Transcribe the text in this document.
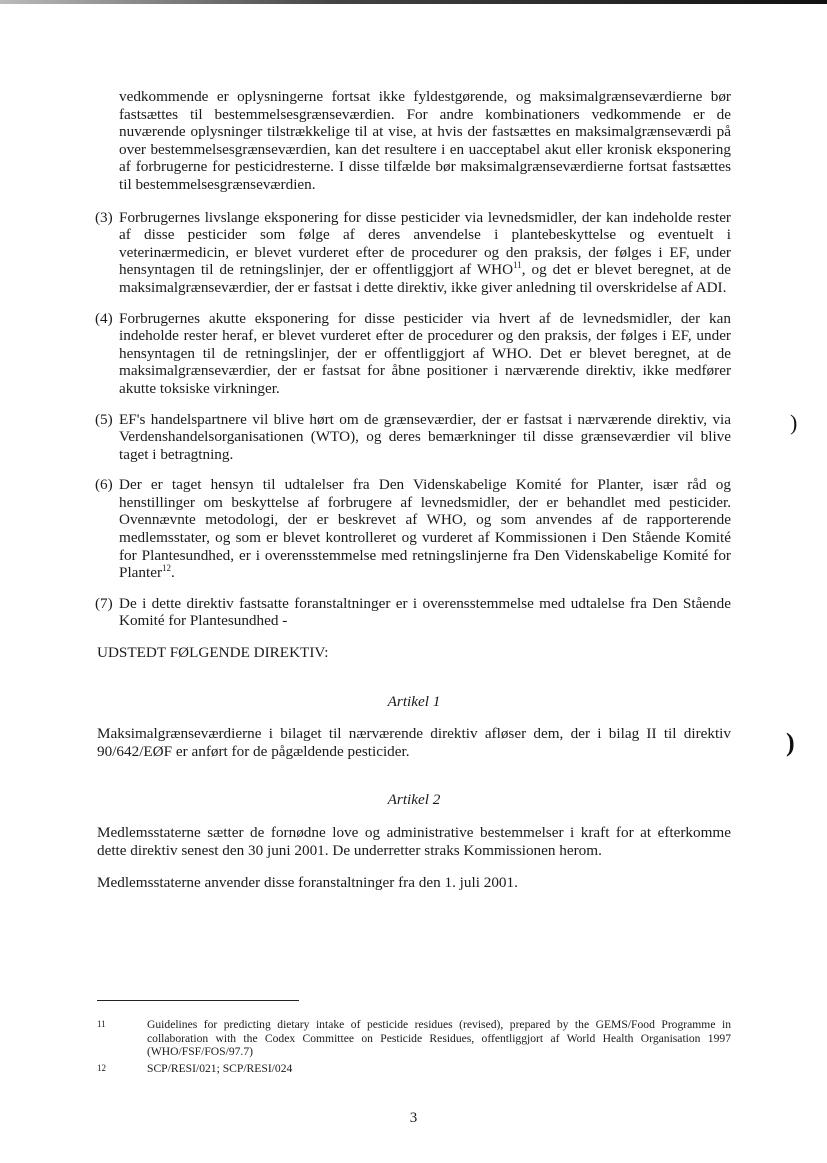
vedkommende er oplysningerne fortsat ikke fyldestgørende, og maksimalgrænseværdierne bør fastsættes til bestemmelsesgrænseværdien. For andre kombinationers vedkommende er de nuværende oplysninger tilstrækkelige til at vise, at hvis der fastsættes en maksimalgrænseværdi på over bestemmelsesgrænseværdien, kan det resultere i en uacceptabel akut eller kronisk eksponering af forbrugerne for pesticidresterne. I disse tilfælde bør maksimalgrænseværdierne fortsat fastsættes til bestemmelsesgrænseværdien.

(3) Forbrugernes livslange eksponering for disse pesticider via levnedsmidler, der kan indeholde rester af disse pesticider som følge af deres anvendelse i plantebeskyttelse og eventuelt i veterinærmedicin, er blevet vurderet efter de procedurer og den praksis, der følges i EF, under hensyntagen til de retningslinjer, der er offentliggjort af WHO$^{11}$, og det er blevet beregnet, at de maksimalgrænseværdier, der er fastsat i dette direktiv, ikke giver anledning til overskridelse af ADI.
(4) Forbrugernes akutte eksponering for disse pesticider via hvert af de levnedsmidler, der kan indeholde rester heraf, er blevet vurderet efter de procedurer og den praksis, der følges i EF, under hensyntagen til de retningslinjer, der er offentliggjort af WHO. Det er blevet beregnet, at de maksimalgrænseværdier, der er fastsat for åbne positioner i nærværende direktiv, ikke medfører akutte toksiske virkninger.
(5) EF's handelspartnere vil blive hørt om de grænseværdier, der er fastsat i nærværende direktiv, via Verdenshandelsorganisationen (WTO), og deres bemærkninger til disse grænseværdier vil blive taget i betragtning.
(6) Der er taget hensyn til udtalelser fra Den Videnskabelige Komité for Planter, især råd og henstillinger om beskyttelse af forbrugere af levnedsmidler, der er behandlet med pesticider. Ovennævnte metodologi, der er beskrevet af WHO, og som anvendes af de rapporterende medlemsstater, og som er blevet kontrolleret og vurderet af Kommissionen i Den Stående Komité for Plantesundhed, er i overensstemmelse med retningslinjerne fra Den Videnskabelige Komité for Planter$^{12}$.
(7) De i dette direktiv fastsatte foranstaltninger er i overensstemmelse med udtalelse fra Den Stående Komité for Plantesundhed -

UDSTEDT FØLGENDE DIREKTIV:

Artikel 1

Maksimalgrænseværdierne i bilaget til nærværende direktiv afløser dem, der i bilag II til direktiv 90/642/EØF er anført for de pågældende pesticider.

Artikel 2

Medlemsstaterne sætter de fornødne love og administrative bestemmelser i kraft for at efterkomme dette direktiv senest den 30 juni 2001. De underretter straks Kommissionen herom.

Medlemsstaterne anvender disse foranstaltninger fra den 1. juli 2001.

11	Guidelines for predicting dietary intake of pesticide residues (revised), prepared by the GEMS/Food Programme in collaboration with the Codex Committee on Pesticide Residues, offentliggjort af World Health Organisation 1997 (WHO/FSF/FOS/97.7)
12	SCP/RESI/021; SCP/RESI/024
3
)
)
